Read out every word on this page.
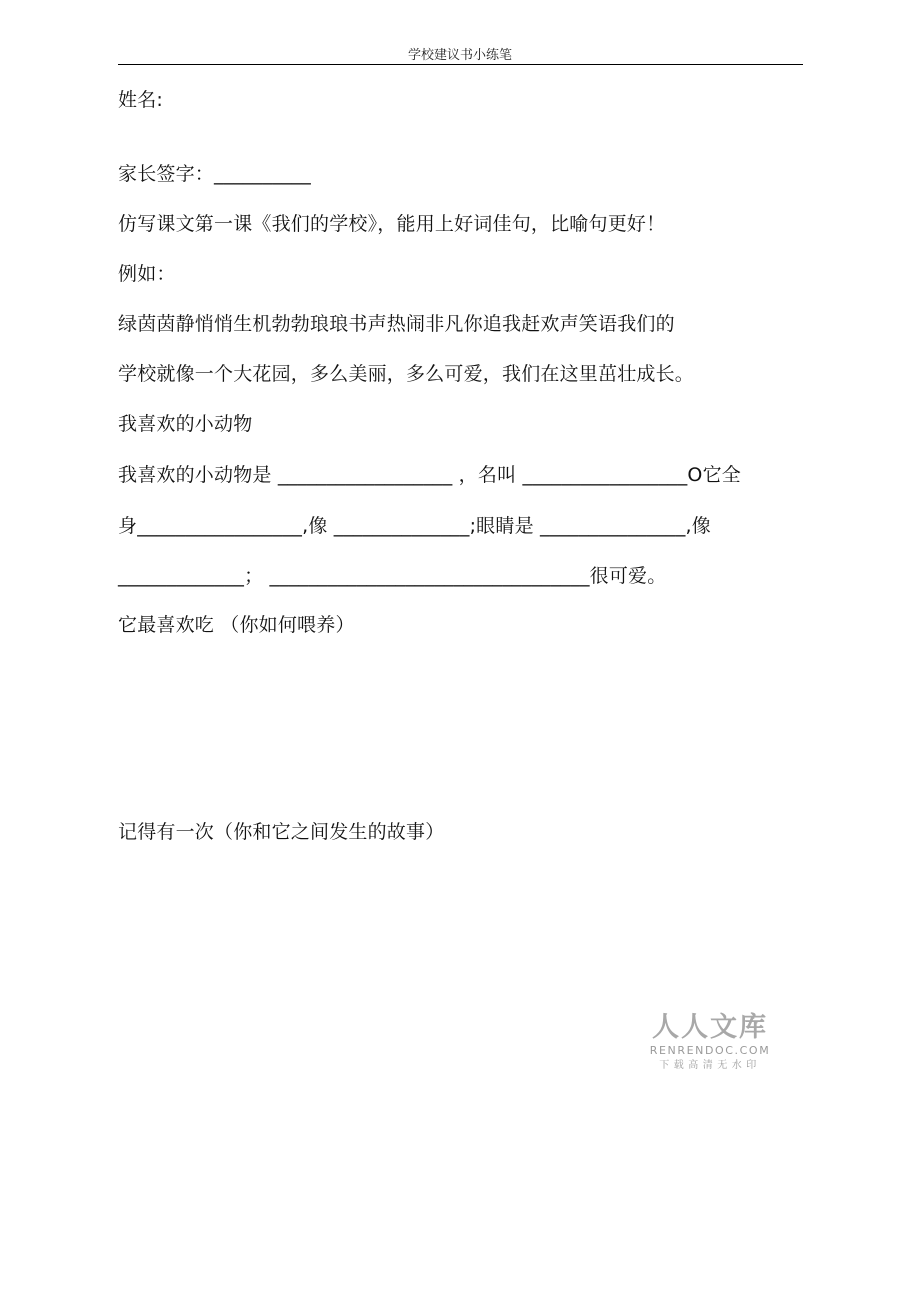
学校建议书小练笔
姓名:
家长签字：__________
仿写课文第一课《我们的学校》，能用上好词佳句，比喻句更好！
例如：
绿茵茵静悄悄生机勃勃琅琅书声热闹非凡你追我赶欢声笑语我们的
学校就像一个大花园，多么美丽，多么可爱，我们在这里茁壮成长。
我喜欢的小动物
我喜欢的小动物是 __________________ ，名叫 _________________O它全
身_________________,像 ______________;眼睛是 _______________,像
_____________； _________________________________很可爱。
它最喜欢吃 （你如何喂养）
记得有一次（你和它之间发生的故事）
人人文库
RENRENDOC.COM
下载高清无水印
